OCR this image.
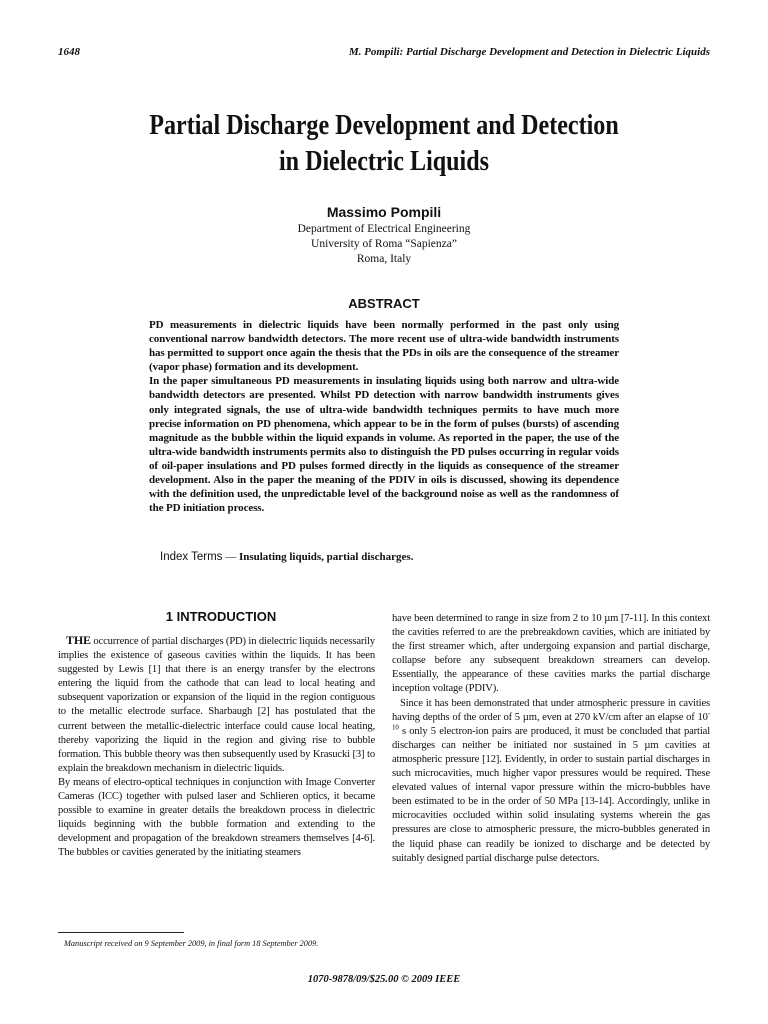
1648	M. Pompili: Partial Discharge Development and Detection in Dielectric Liquids
Partial Discharge Development and Detection
in Dielectric Liquids
Massimo Pompili
Department of Electrical Engineering
University of Roma “Sapienza”
Roma, Italy
ABSTRACT

PD measurements in dielectric liquids have been normally performed in the past only using conventional narrow bandwidth detectors. The more recent use of ultra-wide bandwidth instruments has permitted to support once again the thesis that the PDs in oils are the consequence of the streamer (vapor phase) formation and its development.

In the paper simultaneous PD measurements in insulating liquids using both narrow and ultra-wide bandwidth detectors are presented. Whilst PD detection with narrow bandwidth instruments gives only integrated signals, the use of ultra-wide bandwidth techniques permits to have much more precise information on PD phenomena, which appear to be in the form of pulses (bursts) of ascending magnitude as the bubble within the liquid expands in volume. As reported in the paper, the use of the ultra-wide bandwidth instruments permits also to distinguish the PD pulses occurring in regular voids of oil-paper insulations and PD pulses formed directly in the liquids as consequence of the streamer development. Also in the paper the meaning of the PDIV in oils is discussed, showing its dependence with the definition used, the unpredictable level of the background noise as well as the randomness of the PD initiation process.

Index Terms — Insulating liquids, partial discharges.
1 INTRODUCTION

THE occurrence of partial discharges (PD) in dielectric liquids necessarily implies the existence of gaseous cavities within the liquids. It has been suggested by Lewis [1] that there is an energy transfer by the electrons entering the liquid from the cathode that can lead to local heating and subsequent vaporization or expansion of the liquid in the region contiguous to the metallic electrode surface. Sharbaugh [2] has postulated that the current between the metallic-dielectric interface could cause local heating, thereby vaporizing the liquid in the region and giving rise to bubble formation. This bubble theory was then subsequently used by Krasucki [3] to explain the breakdown mechanism in dielectric liquids.

By means of electro-optical techniques in conjunction with Image Converter Cameras (ICC) together with pulsed laser and Schlieren optics, it became possible to examine in greater details the breakdown process in dielectric liquids beginning with the bubble formation and extending to the development and propagation of the breakdown streamers themselves [4-6]. The bubbles or cavities generated by the initiating steamers

have been determined to range in size from 2 to 10 µm [7-11]. In this context the cavities referred to are the prebreakdown cavities, which are initiated by the first streamer which, after undergoing expansion and partial discharge, collapse before any subsequent breakdown streamers can develop. Essentially, the appearance of these cavities marks the partial discharge inception voltage (PDIV).

Since it has been demonstrated that under atmospheric pressure in cavities having depths of the order of 5 µm, even at 270 kV/cm after an elapse of $10^{-10}$ s only 5 electron-ion pairs are produced, it must be concluded that partial discharges can neither be initiated nor sustained in 5 µm cavities at atmospheric pressure [12]. Evidently, in order to sustain partial discharges in such microcavities, much higher vapor pressures would be required. These elevated values of internal vapor pressure within the micro-bubbles have been estimated to be in the order of 50 MPa [13-14]. Accordingly, unlike in microcavities occluded within solid insulating systems wherein the gas pressures are close to atmospheric pressure, the micro-bubbles generated in the liquid phase can readily be ionized to discharge and be detected by suitably designed partial discharge pulse detectors.

Manuscript received on 9 September 2009, in final form 18 September 2009.
1070-9878/09/$25.00 © 2009 IEEE
